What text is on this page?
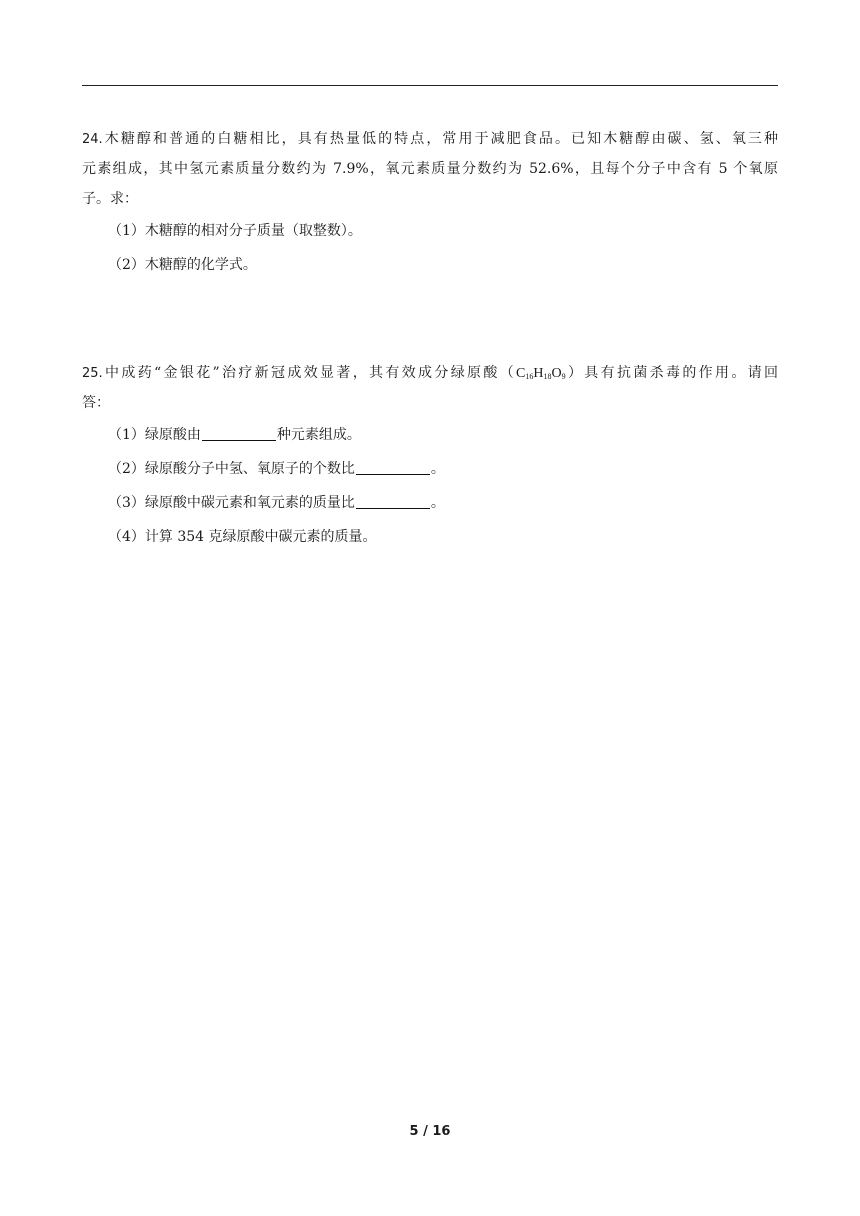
24.木糖醇和普通的白糖相比，具有热量低的特点，常用于减肥食品。已知木糖醇由碳、氢、氧三种
元素组成，其中氢元素质量分数约为 7.9%，氧元素质量分数约为 52.6%，且每个分子中含有 5 个氧原
子。求：
（1）木糖醇的相对分子质量（取整数）。
（2）木糖醇的化学式。
25.中成药“金银花”治疗新冠成效显著，其有效成分绿原酸$(C_{16}H_{18}O_9)$具有抗菌杀毒的作用。请回
答：
（1）绿原酸由	种元素组成。
（2）绿原酸分子中氢、氧原子的个数比	。
（3）绿原酸中碳元素和氧元素的质量比	。
（4）计算 354 克绿原酸中碳元素的质量。
5 / 16
